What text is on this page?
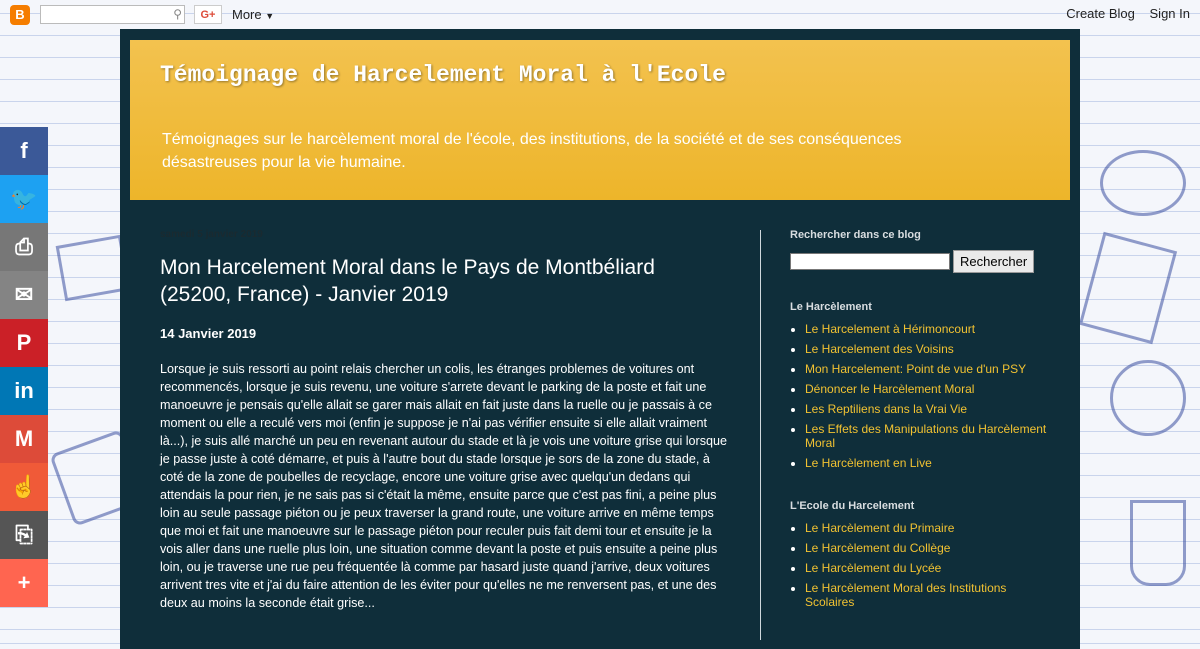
B	⚲	G+	More ▼	Create Blog Sign In
f
🐦
⎙
✉
P
in
M
☝
⎘
+
Témoignage de Harcelement Moral à l'Ecole

Témoignages sur le harcèlement moral de l'école, des institutions, de la société et de ses conséquences désastreuses pour la vie humaine.

samedi 5 janvier 2019

Mon Harcelement Moral dans le Pays de Montbéliard (25200, France) - Janvier 2019

14 Janvier 2019

Lorsque je suis ressorti au point relais chercher un colis, les étranges problemes de voitures ont recommencés, lorsque je suis revenu, une voiture s'arrete devant le parking de la poste et fait une manoeuvre je pensais qu'elle allait se garer mais allait en fait juste dans la ruelle ou je passais à ce moment ou elle a reculé vers moi (enfin je suppose je n'ai pas vérifier ensuite si elle allait vraiment là...), je suis allé marché un peu en revenant autour du stade et là je vois une voiture grise qui lorsque je passe juste à coté démarre, et puis à l'autre bout du stade lorsque je sors de la zone du stade, à coté de la zone de poubelles de recyclage, encore une voiture grise avec quelqu'un dedans qui attendais la pour rien, je ne sais pas si c'était la même, ensuite parce que c'est pas fini, a peine plus loin au seule passage piéton ou je peux traverser la grand route, une voiture arrive en même temps que moi et fait une manoeuvre sur le passage piéton pour reculer puis fait demi tour et ensuite je la vois aller dans une ruelle plus loin, une situation comme devant la poste et puis ensuite a peine plus loin, ou je traverse une rue peu fréquentée là comme par hasard juste quand j'arrive, deux voitures arrivent tres vite et j'ai du faire attention de les éviter pour qu'elles ne me renversent pas, et une des deux au moins la seconde était grise...

Rechercher dans ce blog

Rechercher

Le Harcèlement

• Le Harcelement à Hérimoncourt
• Le Harcelement des Voisins
• Mon Harcelement: Point de vue d'un PSY
• Dénoncer le Harcèlement Moral
• Les Reptiliens dans la Vrai Vie
• Les Effets des Manipulations du Harcèlement Moral
• Le Harcèlement en Live

L'Ecole du Harcelement

• Le Harcèlement du Primaire
• Le Harcèlement du Collège
• Le Harcèlement du Lycée
• Le Harcèlement Moral des Institutions Scolaires
